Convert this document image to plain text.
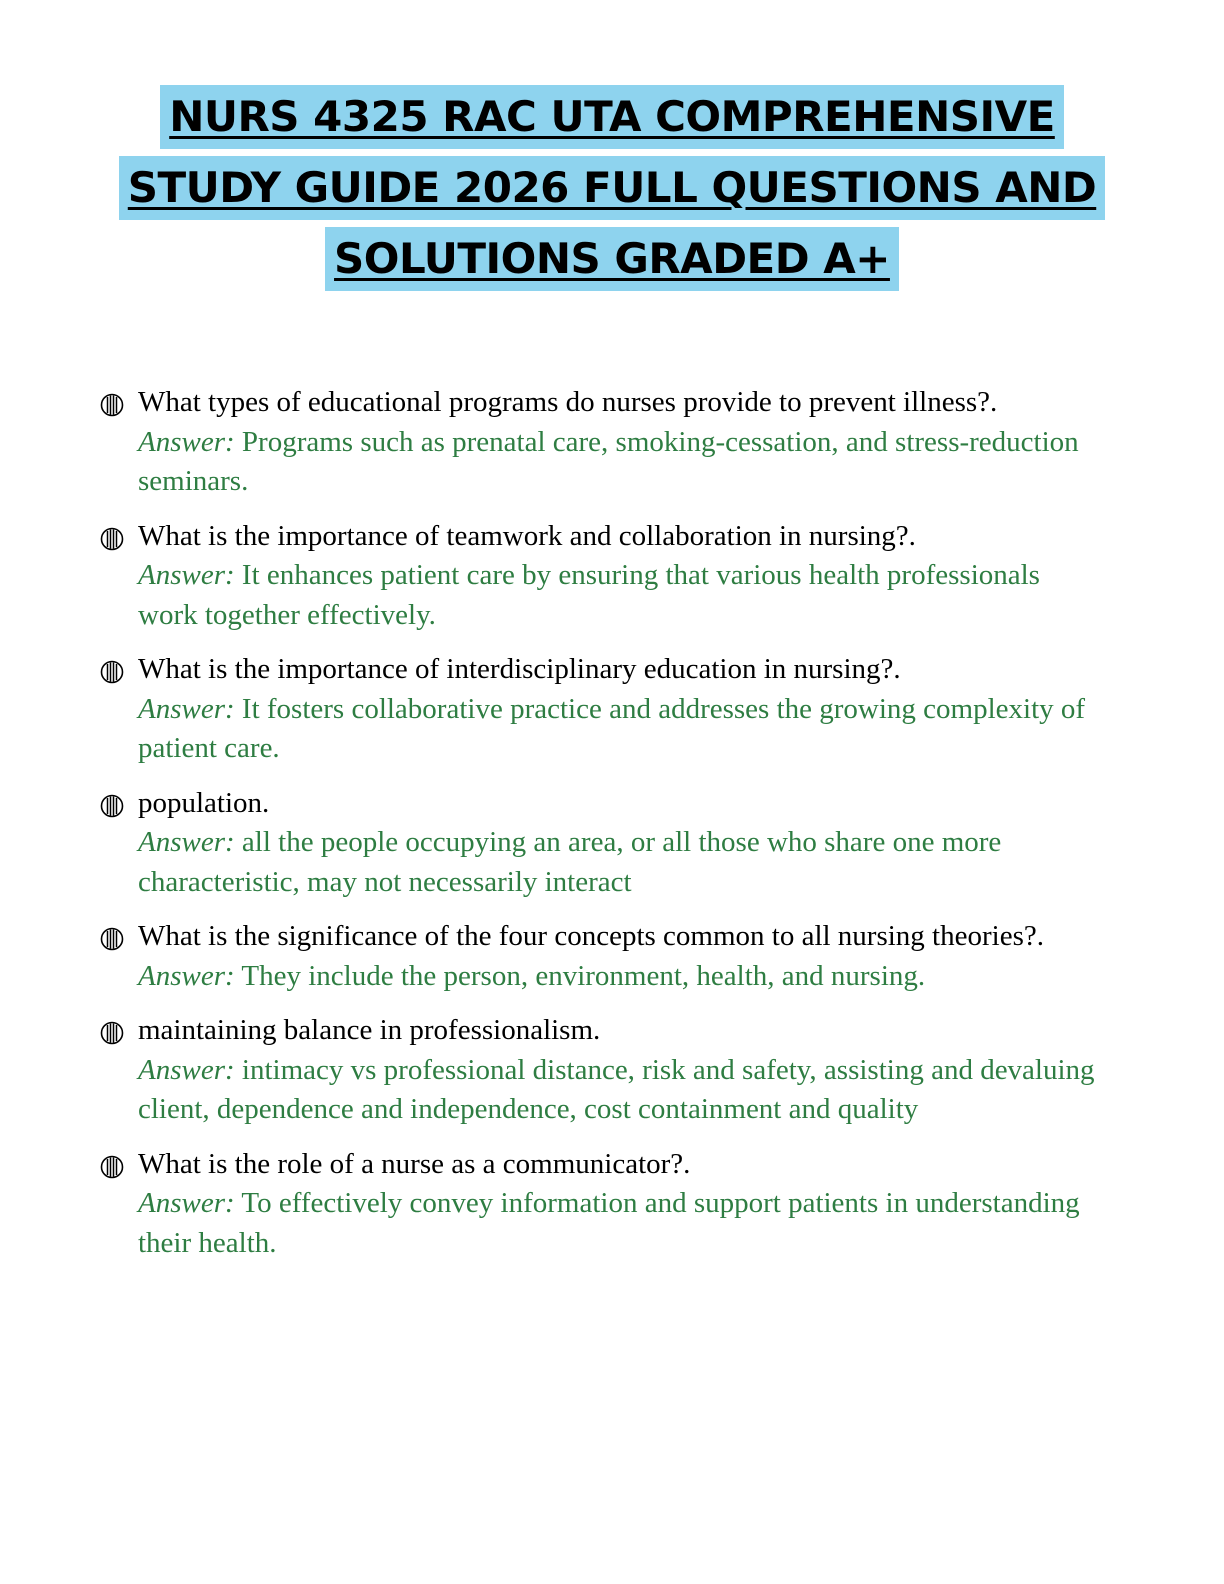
NURS 4325 RAC UTA COMPREHENSIVE
STUDY GUIDE 2026 FULL QUESTIONS AND
SOLUTIONS GRADED A+
What types of educational programs do nurses provide to prevent illness?.
Answer: Programs such as prenatal care, smoking-cessation, and stress-reduction seminars.
What is the importance of teamwork and collaboration in nursing?.
Answer: It enhances patient care by ensuring that various health professionals work together effectively.
What is the importance of interdisciplinary education in nursing?.
Answer: It fosters collaborative practice and addresses the growing complexity of patient care.
population.
Answer: all the people occupying an area, or all those who share one more characteristic, may not necessarily interact
What is the significance of the four concepts common to all nursing theories?.
Answer: They include the person, environment, health, and nursing.
maintaining balance in professionalism.
Answer: intimacy vs professional distance, risk and safety, assisting and devaluing client, dependence and independence, cost containment and quality
What is the role of a nurse as a communicator?.
Answer: To effectively convey information and support patients in understanding their health.
